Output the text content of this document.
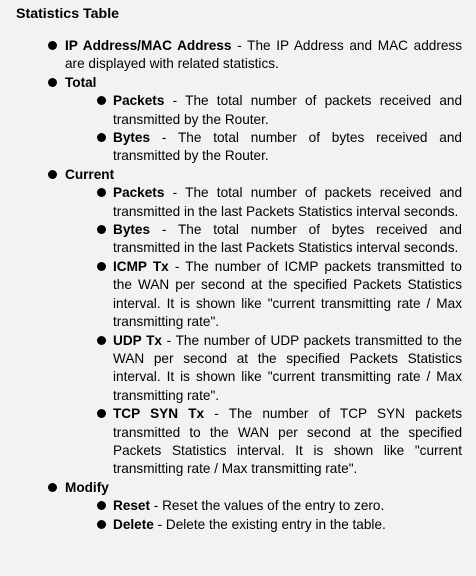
Statistics Table
IP Address/MAC Address - The IP Address and MAC address are displayed with related statistics.
Total
Packets - The total number of packets received and transmitted by the Router.
Bytes - The total number of bytes received and transmitted by the Router.
Current
Packets - The total number of packets received and transmitted in the last Packets Statistics interval seconds.
Bytes - The total number of bytes received and transmitted in the last Packets Statistics interval seconds.
ICMP Tx - The number of ICMP packets transmitted to the WAN per second at the specified Packets Statistics interval. It is shown like "current transmitting rate / Max transmitting rate".
UDP Tx - The number of UDP packets transmitted to the WAN per second at the specified Packets Statistics interval. It is shown like "current transmitting rate / Max transmitting rate".
TCP SYN Tx - The number of TCP SYN packets transmitted to the WAN per second at the specified Packets Statistics interval. It is shown like "current transmitting rate / Max transmitting rate".
Modify
Reset - Reset the values of the entry to zero.
Delete - Delete the existing entry in the table.
